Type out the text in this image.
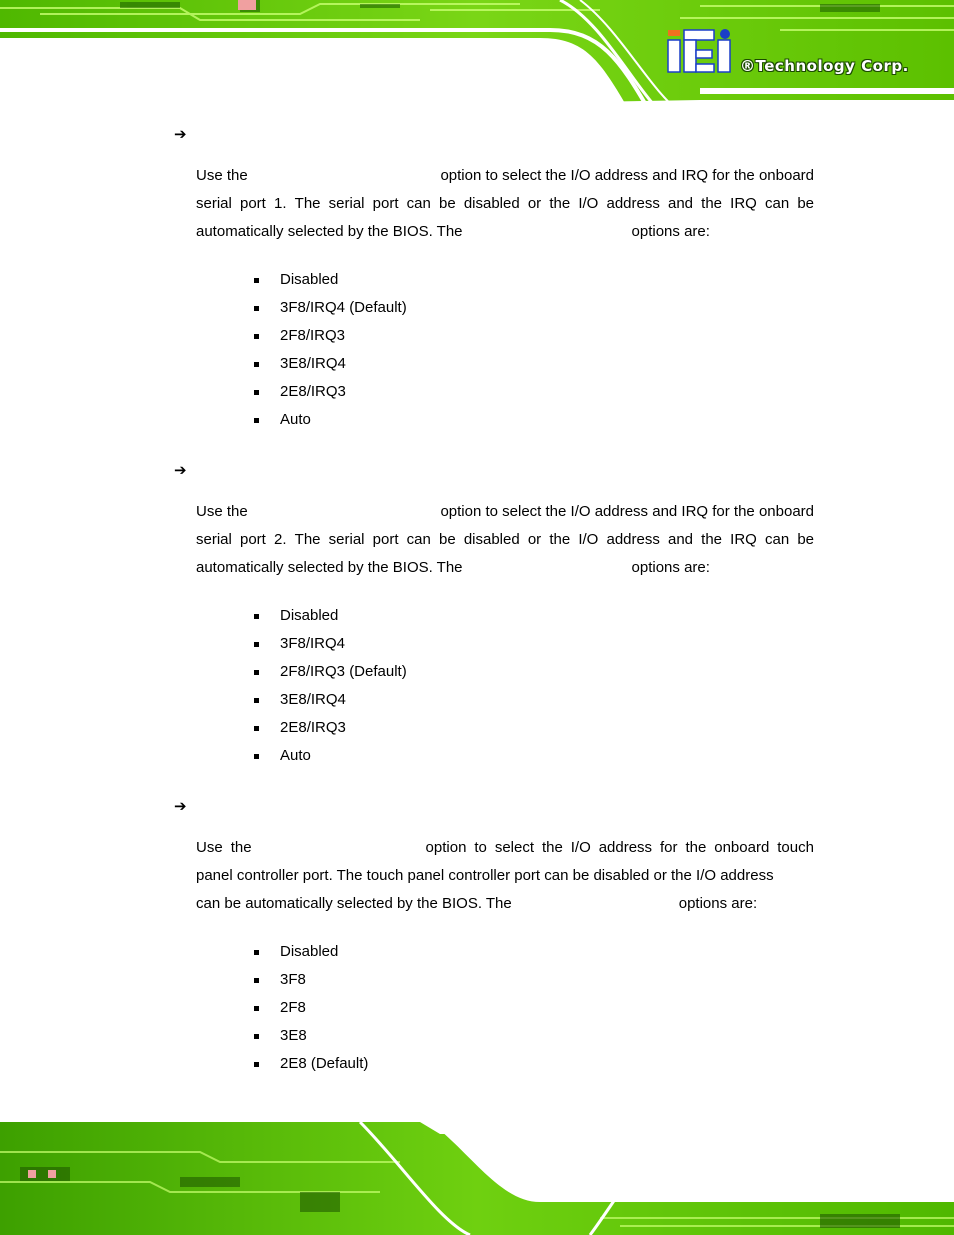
®Technology Corp.
➔
Use the	option to select the I/O address and IRQ for the onboard
serial port 1. The serial port can be disabled or the I/O address and the IRQ can be
automatically selected by the BIOS. The	options are:
Disabled
3F8/IRQ4 (Default)
2F8/IRQ3
3E8/IRQ4
2E8/IRQ3
Auto
➔
Use the	option to select the I/O address and IRQ for the onboard
serial port 2. The serial port can be disabled or the I/O address and the IRQ can be
automatically selected by the BIOS. The	options are:
Disabled
3F8/IRQ4
2F8/IRQ3 (Default)
3E8/IRQ4
2E8/IRQ3
Auto
➔
Use the	option to select the I/O address for the onboard touch
panel controller port. The touch panel controller port can be disabled or the I/O address
can be automatically selected by the BIOS. The	options are:
Disabled
3F8
2F8
3E8
2E8 (Default)
